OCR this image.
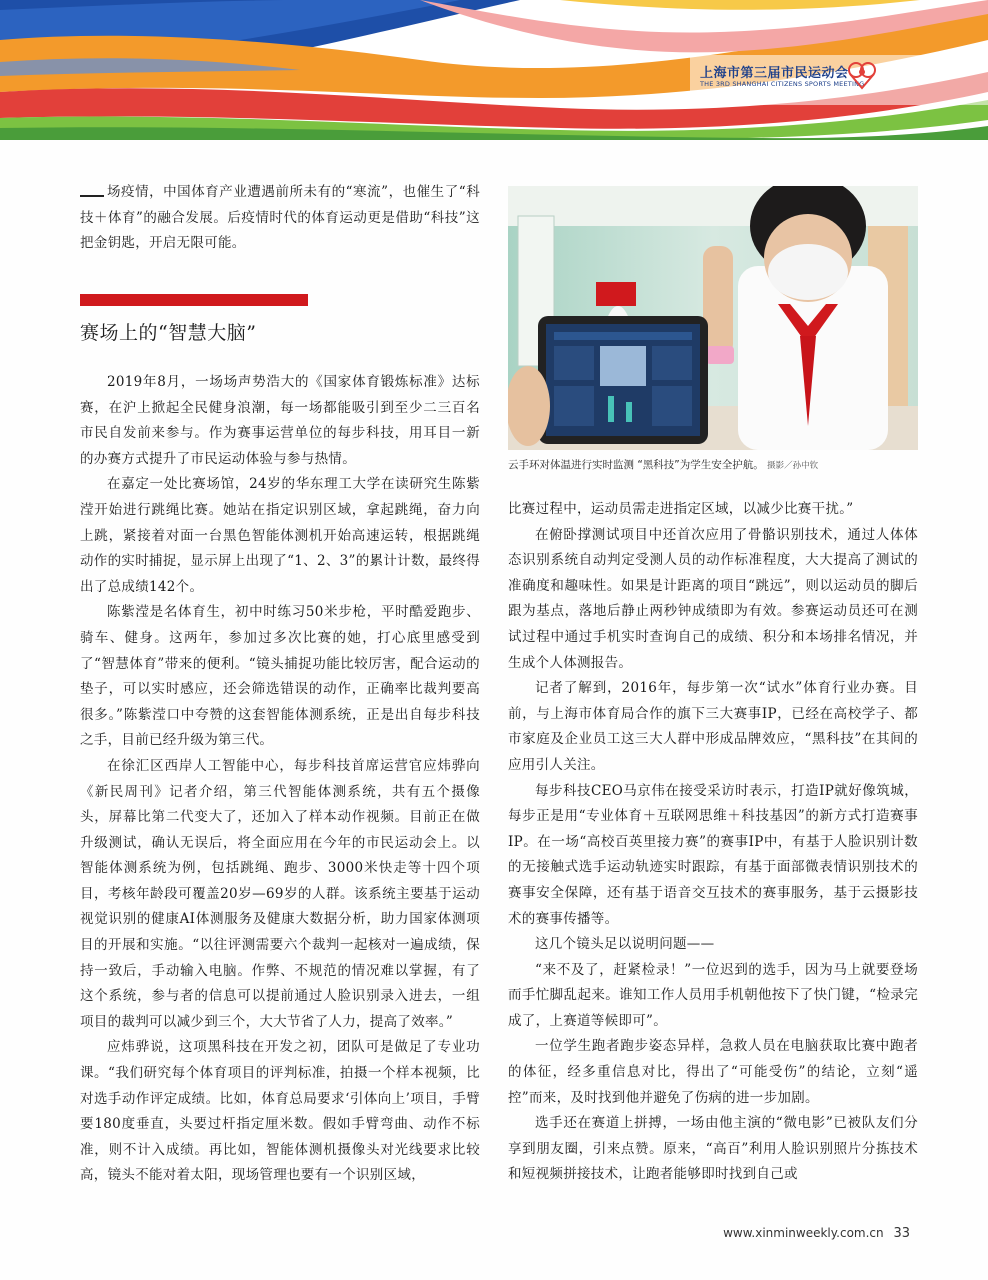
上海市第三届市民运动会
THE 3RD SHANGHAI CITIZENS SPORTS MEETING

场疫情，中国体育产业遭遇前所未有的“寒流”，也催生了“科技＋体育”的融合发展。后疫情时代的体育运动更是借助“科技”这把金钥匙，开启无限可能。

赛场上的“智慧大脑”

2019年8月，一场场声势浩大的《国家体育锻炼标准》达标赛，在沪上掀起全民健身浪潮，每一场都能吸引到至少二三百名市民自发前来参与。作为赛事运营单位的每步科技，用耳目一新的办赛方式提升了市民运动体验与参与热情。

在嘉定一处比赛场馆，24岁的华东理工大学在读研究生陈紫滢开始进行跳绳比赛。她站在指定识别区域，拿起跳绳，奋力向上跳，紧接着对面一台黑色智能体测机开始高速运转，根据跳绳动作的实时捕捉，显示屏上出现了“1、2、3”的累计计数，最终得出了总成绩142个。

陈紫滢是名体育生，初中时练习50米步枪，平时酷爱跑步、骑车、健身。这两年，参加过多次比赛的她，打心底里感受到了“智慧体育”带来的便利。“镜头捕捉功能比较厉害，配合运动的垫子，可以实时感应，还会筛选错误的动作，正确率比裁判要高很多。”陈紫滢口中夸赞的这套智能体测系统，正是出自每步科技之手，目前已经升级为第三代。

在徐汇区西岸人工智能中心，每步科技首席运营官应炜骅向《新民周刊》记者介绍，第三代智能体测系统，共有五个摄像头，屏幕比第二代变大了，还加入了样本动作视频。目前正在做升级测试，确认无误后，将全面应用在今年的市民运动会上。以智能体测系统为例，包括跳绳、跑步、3000米快走等十四个项目，考核年龄段可覆盖20岁—69岁的人群。该系统主要基于运动视觉识别的健康AI体测服务及健康大数据分析，助力国家体测项目的开展和实施。“以往评测需要六个裁判一起核对一遍成绩，保持一致后，手动输入电脑。作弊、不规范的情况难以掌握，有了这个系统，参与者的信息可以提前通过人脸识别录入进去，一组项目的裁判可以减少到三个，大大节省了人力，提高了效率。”

应炜骅说，这项黑科技在开发之初，团队可是做足了专业功课。“我们研究每个体育项目的评判标准，拍摄一个样本视频，比对选手动作评定成绩。比如，体育总局要求‘引体向上’项目，手臂要180度垂直，头要过杆指定厘米数。假如手臂弯曲、动作不标准，则不计入成绩。再比如，智能体测机摄像头对光线要求比较高，镜头不能对着太阳，现场管理也要有一个识别区域，

云手环对体温进行实时监测 “黑科技”为学生安全护航。 摄影／孙中钦

比赛过程中，运动员需走进指定区域，以减少比赛干扰。”

在俯卧撑测试项目中还首次应用了骨骼识别技术，通过人体体态识别系统自动判定受测人员的动作标准程度，大大提高了测试的准确度和趣味性。如果是计距离的项目“跳远”，则以运动员的脚后跟为基点，落地后静止两秒钟成绩即为有效。参赛运动员还可在测试过程中通过手机实时查询自己的成绩、积分和本场排名情况，并生成个人体测报告。

记者了解到，2016年，每步第一次“试水”体育行业办赛。目前，与上海市体育局合作的旗下三大赛事IP，已经在高校学子、都市家庭及企业员工这三大人群中形成品牌效应，“黑科技”在其间的应用引人关注。

每步科技CEO马京伟在接受采访时表示，打造IP就好像筑城，每步正是用“专业体育＋互联网思维＋科技基因”的新方式打造赛事IP。在一场“高校百英里接力赛”的赛事IP中，有基于人脸识别计数的无接触式选手运动轨迹实时跟踪，有基于面部微表情识别技术的赛事安全保障，还有基于语音交互技术的赛事服务，基于云摄影技术的赛事传播等。

这几个镜头足以说明问题——

“来不及了，赶紧检录！”一位迟到的选手，因为马上就要登场而手忙脚乱起来。谁知工作人员用手机朝他按下了快门键，“检录完成了，上赛道等候即可”。

一位学生跑者跑步姿态异样，急救人员在电脑获取比赛中跑者的体征，经多重信息对比，得出了“可能受伤”的结论，立刻“遥控”而来，及时找到他并避免了伤病的进一步加剧。

选手还在赛道上拼搏，一场由他主演的“微电影”已被队友们分享到朋友圈，引来点赞。原来，“高百”利用人脸识别照片分拣技术和短视频拼接技术，让跑者能够即时找到自己或

www.xinminweekly.com.cn 33
